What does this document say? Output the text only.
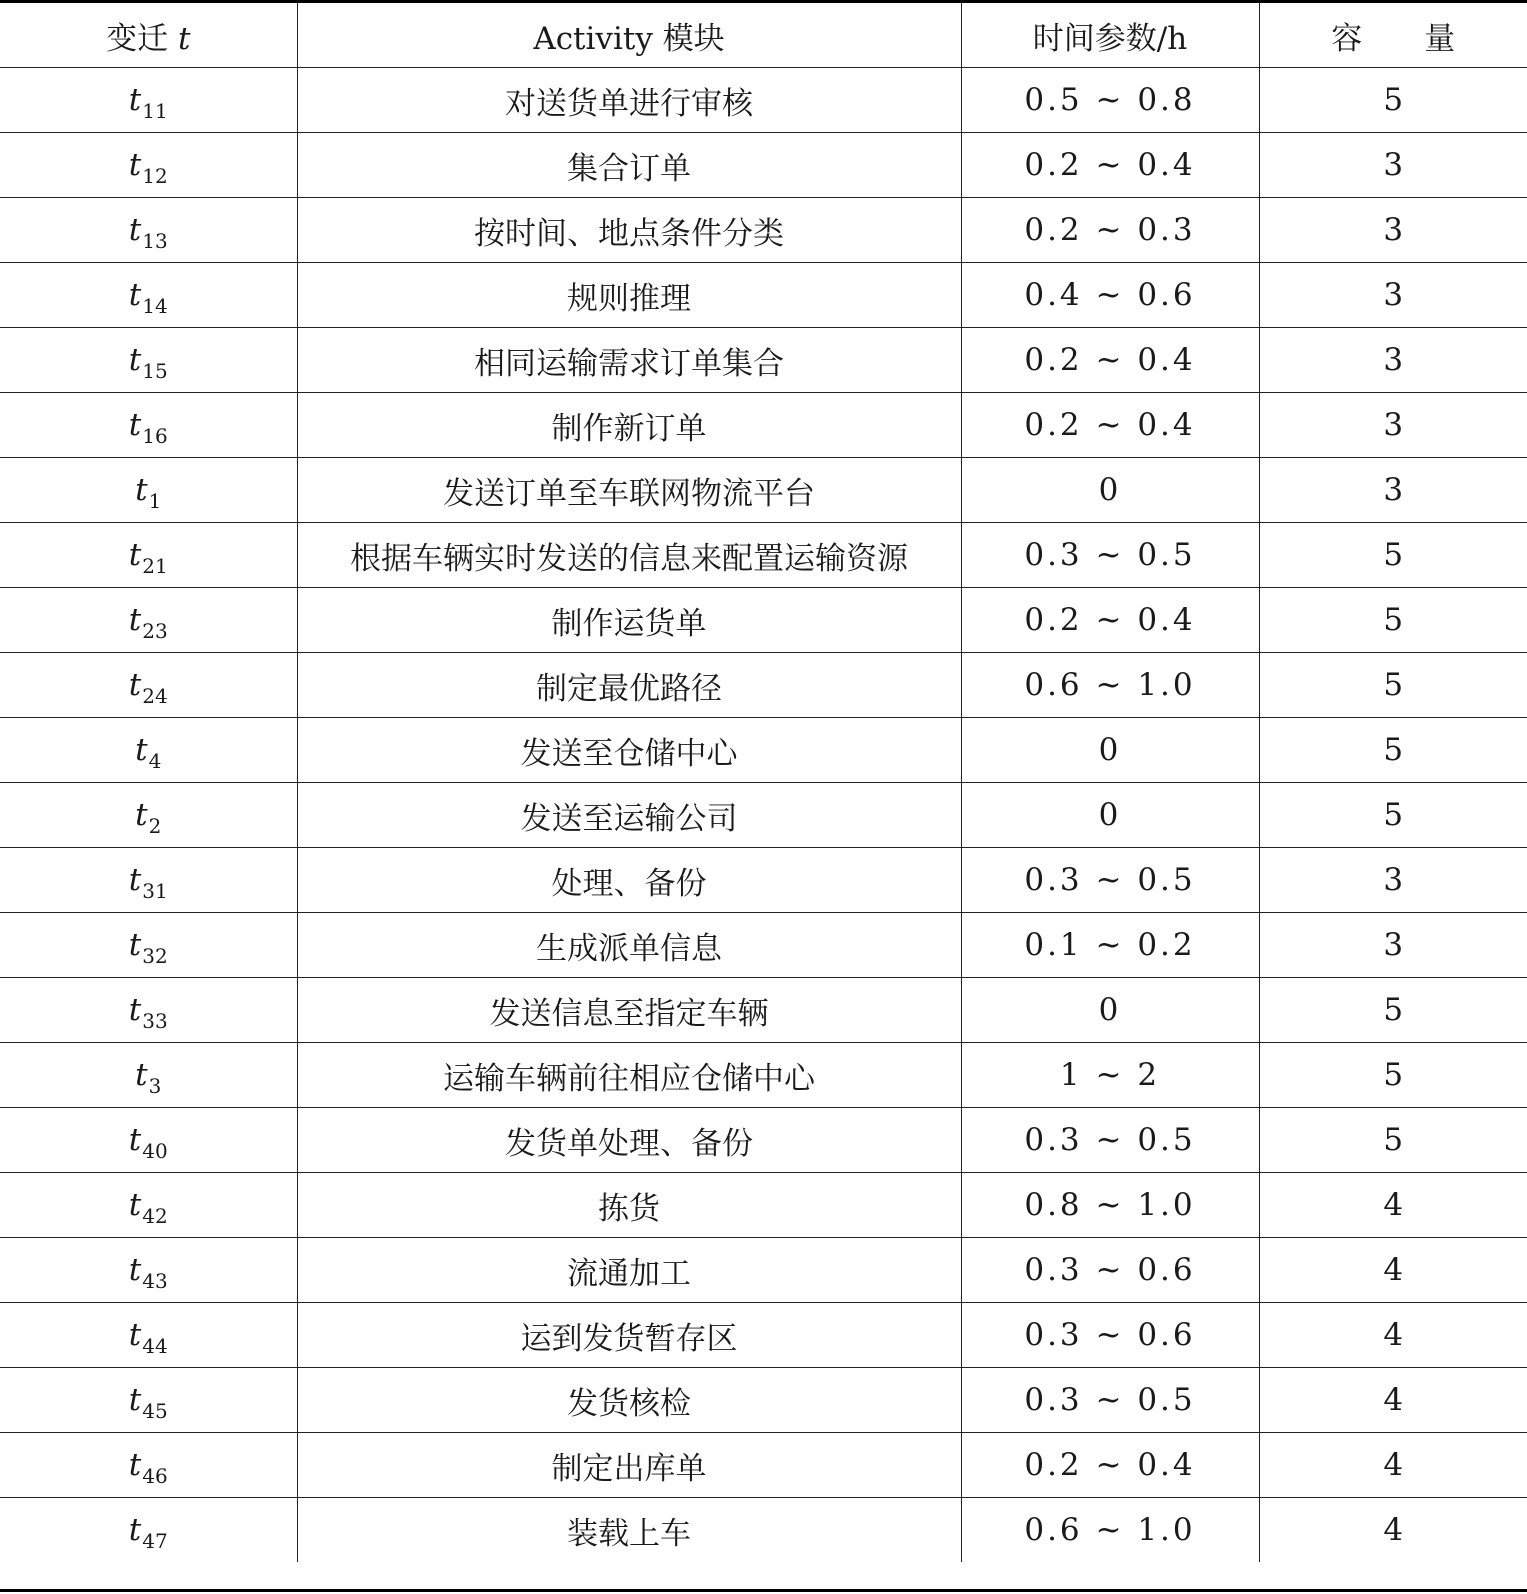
变迁 t	Activity 模块	时间参数/h	容　　量
$t_{11}$	对送货单进行审核	0.5 ~ 0.8	5
$t_{12}$	集合订单	0.2 ~ 0.4	3
$t_{13}$	按时间、地点条件分类	0.2 ~ 0.3	3
$t_{14}$	规则推理	0.4 ~ 0.6	3
$t_{15}$	相同运输需求订单集合	0.2 ~ 0.4	3
$t_{16}$	制作新订单	0.2 ~ 0.4	3
$t_1$	发送订单至车联网物流平台	0	3
$t_{21}$	根据车辆实时发送的信息来配置运输资源	0.3 ~ 0.5	5
$t_{23}$	制作运货单	0.2 ~ 0.4	5
$t_{24}$	制定最优路径	0.6 ~ 1.0	5
$t_4$	发送至仓储中心	0	5
$t_2$	发送至运输公司	0	5
$t_{31}$	处理、备份	0.3 ~ 0.5	3
$t_{32}$	生成派单信息	0.1 ~ 0.2	3
$t_{33}$	发送信息至指定车辆	0	5
$t_3$	运输车辆前往相应仓储中心	1 ~ 2	5
$t_{40}$	发货单处理、备份	0.3 ~ 0.5	5
$t_{42}$	拣货	0.8 ~ 1.0	4
$t_{43}$	流通加工	0.3 ~ 0.6	4
$t_{44}$	运到发货暂存区	0.3 ~ 0.6	4
$t_{45}$	发货核检	0.3 ~ 0.5	4
$t_{46}$	制定出库单	0.2 ~ 0.4	4
$t_{47}$	装载上车	0.6 ~ 1.0	4
